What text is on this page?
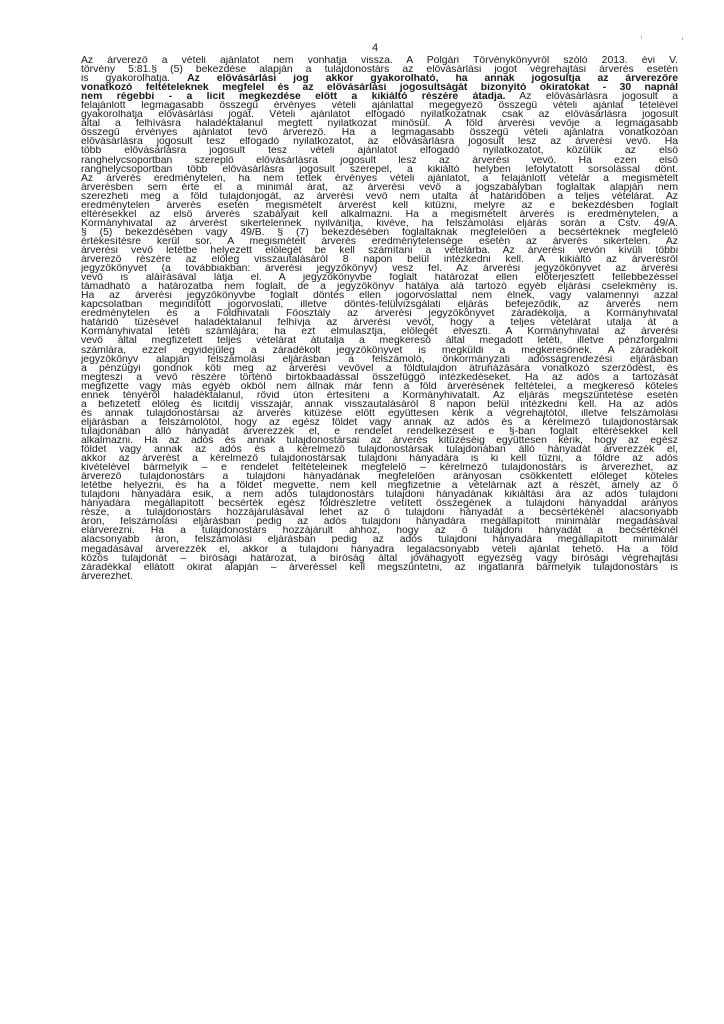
4
Az árverező a vételi ajánlatot nem vonhatja vissza. A Polgári Törvénykönyvről szóló 2013. évi V.
törvény 5:81.§ (5) bekezdése alapján a tulajdonostárs az elővásárlási jogot végrehajtási árverés esetén
is gyakorolhatja. Az elővásárlási jog akkor gyakorolható, ha annak jogosultja az árverezőre
vonatkozó feltételeknek megfelel és az elővásárlási jogosultságát bizonyító okiratokat - 30 napnál
nem régebbi - a licit megkezdése előtt a kikiáltó részére átadja. Az elővásárlásra jogosult a
felajánlott legmagasabb összegű érvényes vételi ajánlattal megegyező összegű vételi ajánlat tételével
gyakorolhatja elővásárlási jogát. Vételi ajánlatot elfogadó nyilatkozatnak csak az elővásárlásra jogosult
által a felhívásra haladéktalanul megtett nyilatkozat minősül. A föld árverési vevője a legmagasabb
összegű érvényes ajánlatot tevő árverező. Ha a legmagasabb összegű vételi ajánlatra vonatkozóan
elővásárlásra jogosult tesz elfogadó nyilatkozatot, az elővásárlásra jogosult lesz az árverési vevő. Ha
több elővásárlásra jogosult tesz vételi ajánlatot elfogadó nyilatkozatot, közülük az első
ranghelycsoportban szereplő elővásárlásra jogosult lesz az árverési vevő. Ha ezen első
ranghelycsoportban több elővásárlásra jogosult szerepel, a kikiáltó helyben lefolytatott sorsolással dönt.
Az árverés eredménytelen, ha nem tettek érvényes vételi ajánlatot, a felajánlott vételár a megismételt
árverésben sem érte el a minimál árat, az árverési vevő a jogszabályban foglaltak alapján nem
szerezheti meg a föld tulajdonjogát, az árverési vevő nem utalta át határidőben a teljes vételárat. Az
eredménytelen árverés esetén megismételt árverést kell kitűzni, melyre az e bekezdésben foglalt
eltérésekkel az első árverés szabályait kell alkalmazni. Ha a megismételt árverés is eredménytelen, a
Kormányhivatal az árverést sikertelennek nyilvánítja, kivéve, ha felszámolási eljárás során a Cstv. 49/A.
§ (5) bekezdésében vagy 49/B. § (7) bekezdésében foglaltaknak megfelelően a becsértéknek megfelelő
értékesítésre kerül sor. A megismételt árverés eredménytelensége esetén az árverés sikertelen. Az
árverési vevő letétbe helyezett előlegét be kell számítani a vételárba. Az árverési vevőn kívüli többi
árverező részére az előleg visszautalásáról 8 napon belül intézkedni kell. A kikiáltó az árverésről
jegyzőkönyvet (a továbbiakban: árverési jegyzőkönyv) vesz fel. Az árverési jegyzőkönyvet az árverési
vevő is aláírásával látja el. A jegyzőkönyvbe foglalt határozat ellen előterjesztett fellebbezéssel
támadható a határozatba nem foglalt, de a jegyzőkönyv hatálya alá tartozó egyéb eljárási cselekmény is.
Ha az árverési jegyzőkönyvbe foglalt döntés ellen jogorvoslattal nem élnek, vagy valamennyi azzal
kapcsolatban megindított jogorvoslati, illetve döntés-felülvizsgálati eljárás befejeződik, az árverés nem
eredménytelen és a Földhivatali Főosztály az árverési jegyzőkönyvet záradékolja, a Kormányhivatal
határidő tűzésével haladéktalanul felhívja az árverési vevőt, hogy a teljes vételárat utalja át a
Kormányhivatal letéti számlájára; ha ezt elmulasztja, előlegét elveszti. A Kormányhivatal az árverési
vevő által megfizetett teljes vételárat átutalja a megkereső által megadott letéti, illetve pénzforgalmi
számlára, ezzel egyidejűleg a záradékolt jegyzőkönyvet is megküldi a megkeresőnek. A záradékolt
jegyzőkönyv alapján felszámolási eljárásban a felszámoló, önkormányzati adósságrendezési eljárásban
a pénzügyi gondnok köti meg az árverési vevővel a földtulajdon átruházására vonatkozó szerződést, és
megteszi a vevő részére történő birtokbaadással összefüggő intézkedéseket. Ha az adós a tartozását
megfizette vagy más egyéb okból nem állnak már fenn a föld árverésének feltételei, a megkereső köteles
ennek tényéről haladéktalanul, rövid úton értesíteni a Kormányhivatalt. Az eljárás megszüntetése esetén
a befizetett előleg és licitdíj visszajár, annak visszautalásáról 8 napon belül intézkedni kell. Ha az adós
és annak tulajdonostársai az árverés kitűzése előtt együttesen kérik a végrehajtótól, illetve felszámolási
eljárásban a felszámolótól, hogy az egész földet vagy annak az adós és a kérelmező tulajdonostársak
tulajdonában álló hányadát árverezzék el, e rendelet rendelkezéseit e §-ban foglalt eltérésekkel kell
alkalmazni. Ha az adós és annak tulajdonostársai az árverés kitűzéséig együttesen kérik, hogy az egész
földet vagy annak az adós és a kérelmező tulajdonostársak tulajdonában álló hányadát árverezzék el,
akkor az árverést a kérelmező tulajdonostársak tulajdoni hányadára is ki kell tűzni, a földre az adós
kivételével bármelyik – e rendelet feltételeinek megfelelő – kérelmező tulajdonostárs is árverezhet, az
árverező tulajdonostárs a tulajdoni hányadának megfelelően arányosan csökkentett előleget köteles
letétbe helyezni, és ha a földet megvette, nem kell megfizetnie a vételárnak azt a részét, amely az ő
tulajdoni hányadára esik, a nem adós tulajdonostárs tulajdoni hányadának kikiáltási ára az adós tulajdoni
hányadára megállapított becsérték egész földrészletre vetített összegének a tulajdoni hányaddal arányos
része, a tulajdonostárs hozzájárulásával lehet az ő tulajdoni hányadát a becsértékénél alacsonyabb
áron, felszámolási eljárásban pedig az adós tulajdoni hányadára megállapított minimálár megadásával
elárverezni. Ha a tulajdonostárs hozzájárult ahhoz, hogy az ő tulajdoni hányadát a becsértéknél
alacsonyabb áron, felszámolási eljárásban pedig az adós tulajdoni hányadára megállapított minimálár
megadásával árverezzék el, akkor a tulajdoni hányadra legalacsonyabb vételi ajánlat tehető. Ha a föld
közös tulajdonát – bírósági határozat, a bíróság által jóváhagyott egyezség vagy bírósági végrehajtási
záradékkal ellátott okirat alapján – árveréssel kell megszüntetni, az ingatlanra bármelyik tulajdonostárs is
árverezhet.
